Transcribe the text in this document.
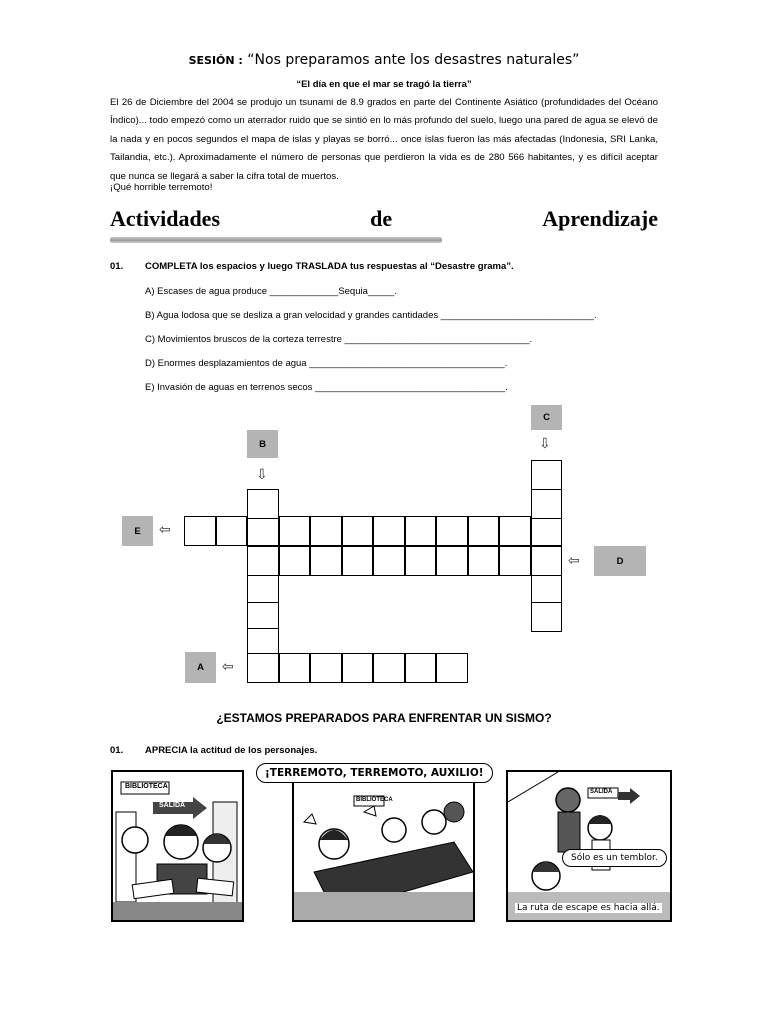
SESIÓN : “Nos preparamos ante los desastres naturales”
“El día en que el mar se tragó la tierra”
El 26 de Diciembre del 2004 se produjo un tsunami de 8.9 grados en parte del Continente Asiático (profundidades del Océano Índico)... todo empezó como un aterrador ruido que se sintió en lo más profundo del suelo, luego una pared de agua se elevó de la nada y en pocos segundos el mapa de islas y playas se borró... once islas fueron las más afectadas (Indonesia, SRI Lanka, Tailandia, etc.). Aproximadamente el número de personas que perdieron la vida es de 280 566 habitantes, y es difícil aceptar que nunca se llegará a saber la cifra total de muertos.
¡Qué horrible terremoto!
Actividades	de	Aprendizaje
01. COMPLETA los espacios y luego TRASLADA tus respuestas al “Desastre grama”.
A) Escases de agua produce _____________Sequia_____.
B) Agua lodosa que se desliza a gran velocidad y grandes cantidades _____________________________.
C) Movimientos bruscos de la corteza terrestre ___________________________________.
D) Enormes desplazamientos de agua _____________________________________.
E) Invasión de aguas en terrenos secos ____________________________________.
C
⇩
B
⇩
E	⇦
D
⇦
A	⇦
¿ESTAMOS PREPARADOS PARA ENFRENTAR UN SISMO?
01. APRECIA la actitud de los personajes.
BIBLIOTECA
SALIDA
BIBLIOTECA
¡TERREMOTO, TERREMOTO, AUXILIO!
SALIDA
Sólo es un temblor.
La ruta de escape es hacia allá.
